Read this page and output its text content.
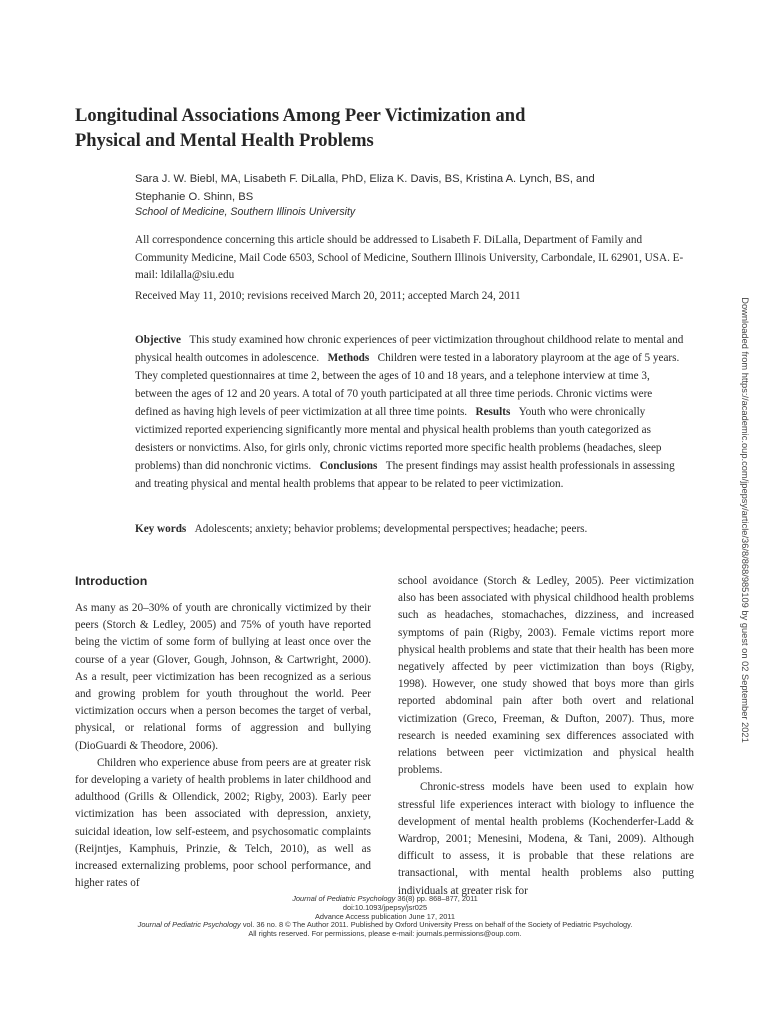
Longitudinal Associations Among Peer Victimization and
Physical and Mental Health Problems
Sara J. W. Biebl, MA, Lisabeth F. DiLalla, PhD, Eliza K. Davis, BS, Kristina A. Lynch, BS, and
Stephanie O. Shinn, BS
School of Medicine, Southern Illinois University
All correspondence concerning this article should be addressed to Lisabeth F. DiLalla, Department of Family and Community Medicine, Mail Code 6503, School of Medicine, Southern Illinois University, Carbondale, IL 62901, USA. E-mail: ldilalla@siu.edu
Received May 11, 2010; revisions received March 20, 2011; accepted March 24, 2011
Objective This study examined how chronic experiences of peer victimization throughout childhood relate to mental and physical health outcomes in adolescence. Methods Children were tested in a laboratory playroom at the age of 5 years. They completed questionnaires at time 2, between the ages of 10 and 18 years, and a telephone interview at time 3, between the ages of 12 and 20 years. A total of 70 youth participated at all three time periods. Chronic victims were defined as having high levels of peer victimization at all three time points. Results Youth who were chronically victimized reported experiencing significantly more mental and physical health problems than youth categorized as desisters or nonvictims. Also, for girls only, chronic victims reported more specific health problems (headaches, sleep problems) than did nonchronic victims. Conclusions The present findings may assist health professionals in assessing and treating physical and mental health problems that appear to be related to peer victimization.
Key words Adolescents; anxiety; behavior problems; developmental perspectives; headache; peers.
Introduction

As many as 20–30% of youth are chronically victimized by their peers (Storch & Ledley, 2005) and 75% of youth have reported being the victim of some form of bullying at least once over the course of a year (Glover, Gough, Johnson, & Cartwright, 2000). As a result, peer victimization has been recognized as a serious and growing problem for youth throughout the world. Peer victimization occurs when a person becomes the target of verbal, physical, or relational forms of aggression and bullying (DioGuardi & Theodore, 2006).

Children who experience abuse from peers are at greater risk for developing a variety of health problems in later childhood and adulthood (Grills & Ollendick, 2002; Rigby, 2003). Early peer victimization has been associated with depression, anxiety, suicidal ideation, low self-esteem, and psychosomatic complaints (Reijntjes, Kamphuis, Prinzie, & Telch, 2010), as well as increased externalizing problems, poor school performance, and higher rates of

school avoidance (Storch & Ledley, 2005). Peer victimization also has been associated with physical childhood health problems such as headaches, stomachaches, dizziness, and increased symptoms of pain (Rigby, 2003). Female victims report more physical health problems and state that their health has been more negatively affected by peer victimization than boys (Rigby, 1998). However, one study showed that boys more than girls reported abdominal pain after both overt and relational victimization (Greco, Freeman, & Dufton, 2007). Thus, more research is needed examining sex differences associated with relations between peer victimization and physical health problems.

Chronic-stress models have been used to explain how stressful life experiences interact with biology to influence the development of mental health problems (Kochenderfer-Ladd & Wardrop, 2001; Menesini, Modena, & Tani, 2009). Although difficult to assess, it is probable that these relations are transactional, with mental health problems also putting individuals at greater risk for

Journal of Pediatric Psychology 36(8) pp. 868–877, 2011
doi:10.1093/jpepsy/jsr025
Advance Access publication June 17, 2011
Journal of Pediatric Psychology vol. 36 no. 8 © The Author 2011. Published by Oxford University Press on behalf of the Society of Pediatric Psychology.
All rights reserved. For permissions, please e-mail: journals.permissions@oup.com.
Downloaded from https://academic.oup.com/jpepsy/article/36/8/868/985109 by guest on 02 September 2021
